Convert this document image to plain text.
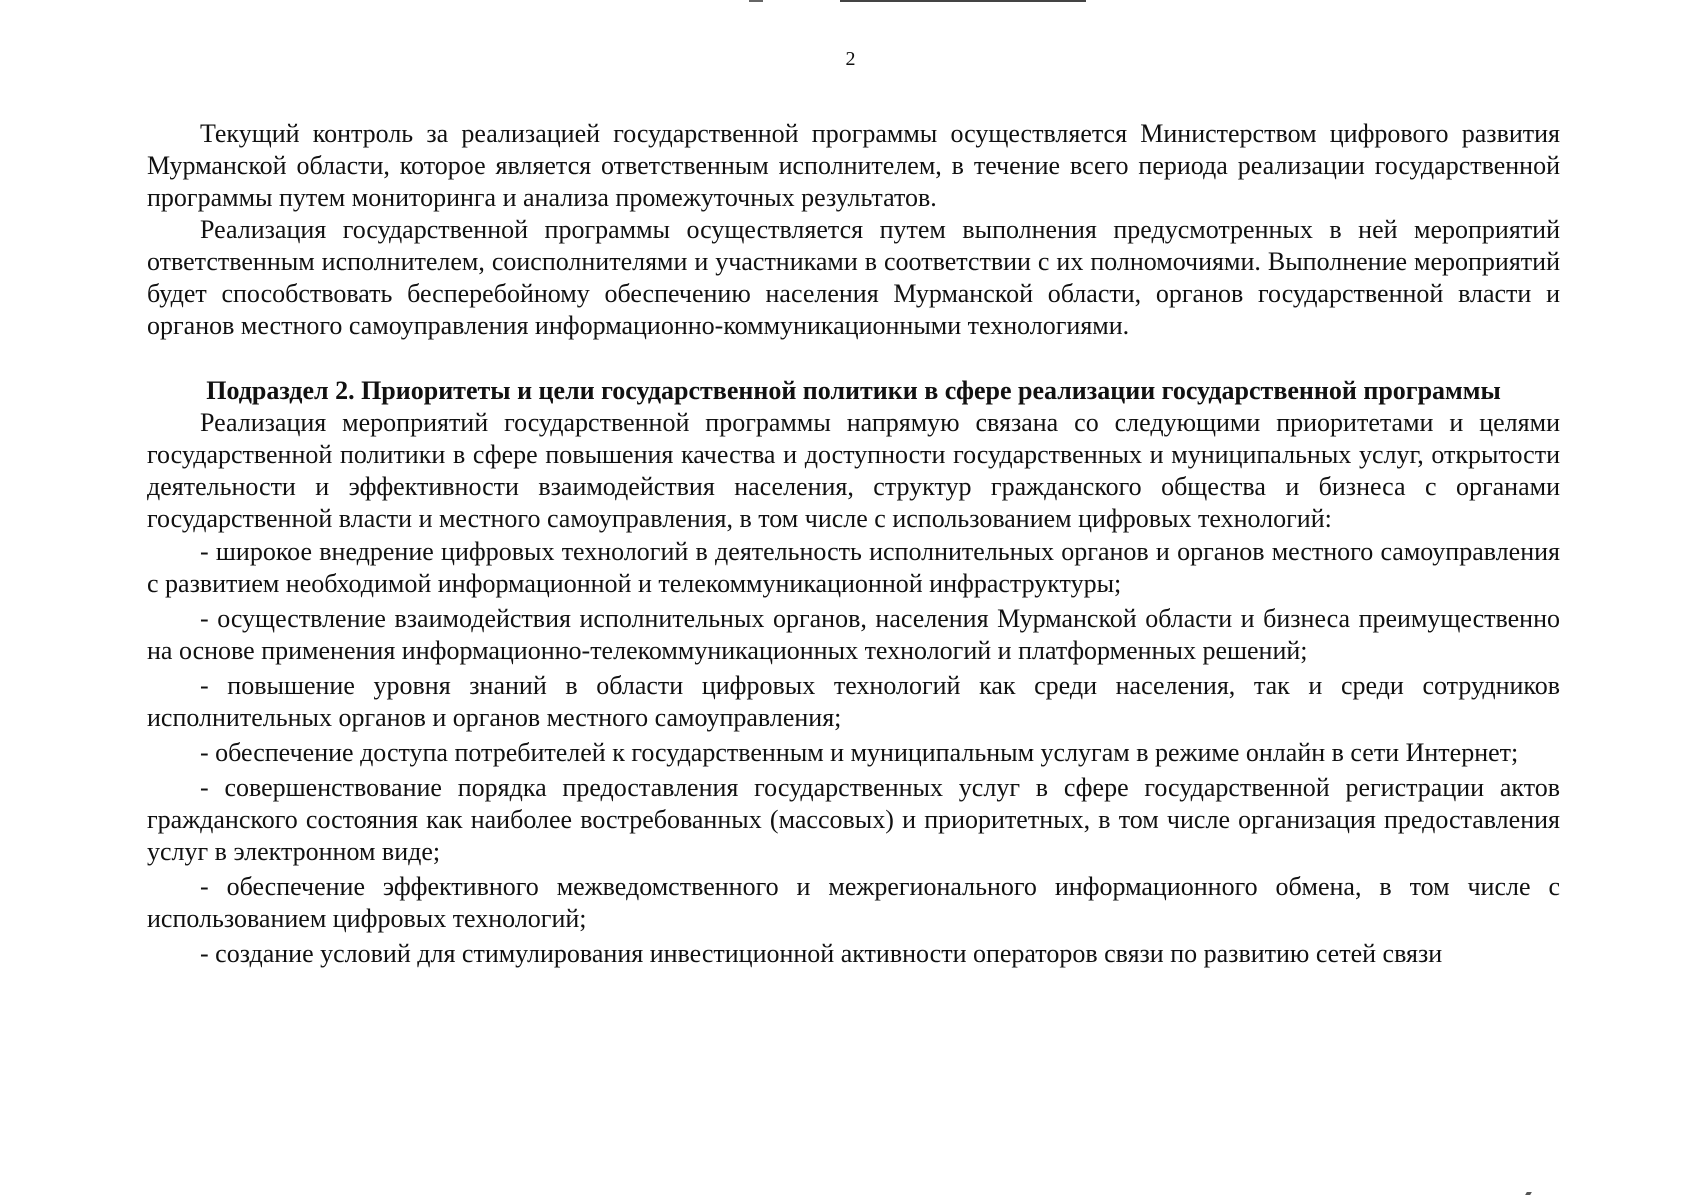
2

Текущий контроль за реализацией государственной программы осуществляется Министерством цифрового развития Мурманской области, которое является ответственным исполнителем, в течение всего периода реализации государственной программы путем мониторинга и анализа промежуточных результатов.

Реализация государственной программы осуществляется путем выполнения предусмотренных в ней мероприятий ответственным исполнителем, соисполнителями и участниками в соответствии с их полномочиями. Выполнение мероприятий будет способствовать бесперебойному обеспечению населения Мурманской области, органов государственной власти и органов местного самоуправления информационно-коммуникационными технологиями.

Подраздел 2. Приоритеты и цели государственной политики в сфере реализации государственной программы

Реализация мероприятий государственной программы напрямую связана со следующими приоритетами и целями государственной политики в сфере повышения качества и доступности государственных и муниципальных услуг, открытости деятельности и эффективности взаимодействия населения, структур гражданского общества и бизнеса с органами государственной власти и местного самоуправления, в том числе с использованием цифровых технологий:

- широкое внедрение цифровых технологий в деятельность исполнительных органов и органов местного самоуправления с развитием необходимой информационной и телекоммуникационной инфраструктуры;

- осуществление взаимодействия исполнительных органов, населения Мурманской области и бизнеса преимущественно на основе применения информационно-телекоммуникационных технологий и платформенных решений;

- повышение уровня знаний в области цифровых технологий как среди населения, так и среди сотрудников исполнительных органов и органов местного самоуправления;

- обеспечение доступа потребителей к государственным и муниципальным услугам в режиме онлайн в сети Интернет;

- совершенствование порядка предоставления государственных услуг в сфере государственной регистрации актов гражданского состояния как наиболее востребованных (массовых) и приоритетных, в том числе организация предоставления услуг в электронном виде;

- обеспечение эффективного межведомственного и межрегионального информационного обмена, в том числе с использованием цифровых технологий;

- создание условий для стимулирования инвестиционной активности операторов связи по развитию сетей связи
